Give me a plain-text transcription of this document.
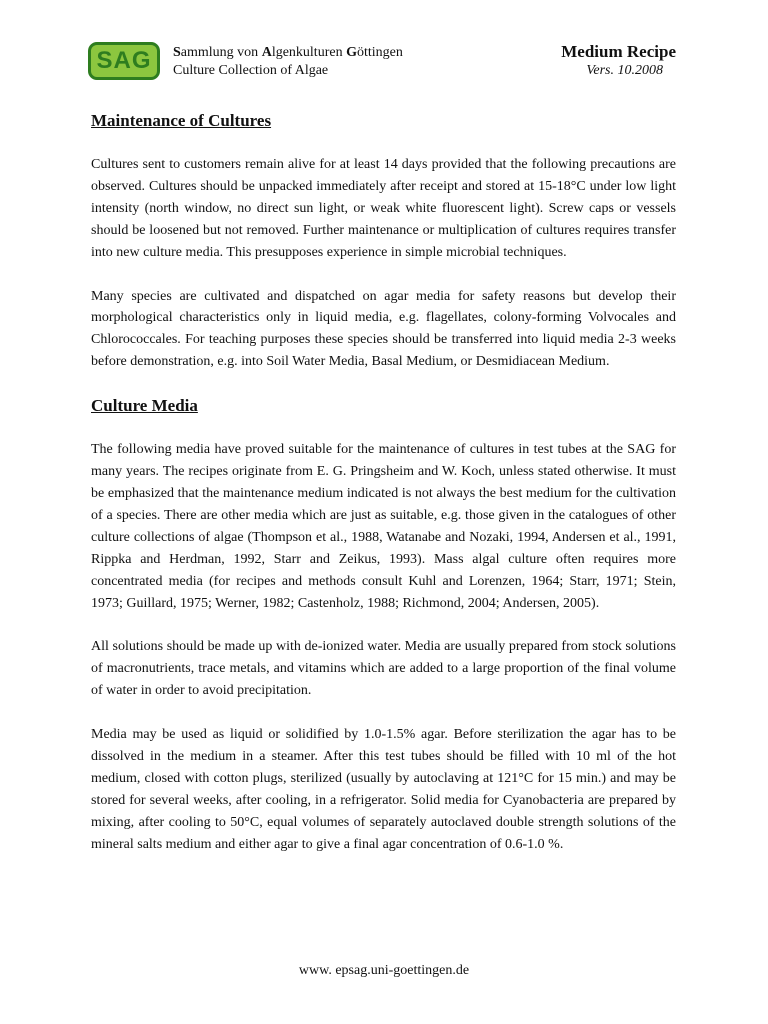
SAG Sammlung von Algenkulturen Göttingen
Culture Collection of Algae
Medium Recipe
Vers. 10.2008
Maintenance of Cultures

Cultures sent to customers remain alive for at least 14 days provided that the following precautions are observed. Cultures should be unpacked immediately after receipt and stored at 15-18°C under low light intensity (north window, no direct sun light, or weak white fluorescent light). Screw caps or vessels should be loosened but not removed. Further maintenance or multiplication of cultures requires transfer into new culture media. This presupposes experience in simple microbial techniques.

Many species are cultivated and dispatched on agar media for safety reasons but develop their morphological characteristics only in liquid media, e.g. flagellates, colony-forming Volvocales and Chlorococcales. For teaching purposes these species should be transferred into liquid media 2-3 weeks before demonstration, e.g. into Soil Water Media, Basal Medium, or Desmidiacean Medium.

Culture Media

The following media have proved suitable for the maintenance of cultures in test tubes at the SAG for many years. The recipes originate from E. G. Pringsheim and W. Koch, unless stated otherwise. It must be emphasized that the maintenance medium indicated is not always the best medium for the cultivation of a species. There are other media which are just as suitable, e.g. those given in the catalogues of other culture collections of algae (Thompson et al., 1988, Watanabe and Nozaki, 1994, Andersen et al., 1991, Rippka and Herdman, 1992, Starr and Zeikus, 1993). Mass algal culture often requires more concentrated media (for recipes and methods consult Kuhl and Lorenzen, 1964; Starr, 1971; Stein, 1973; Guillard, 1975; Werner, 1982; Castenholz, 1988; Richmond, 2004; Andersen, 2005).

All solutions should be made up with de-ionized water. Media are usually prepared from stock solutions of macronutrients, trace metals, and vitamins which are added to a large proportion of the final volume of water in order to avoid precipitation.

Media may be used as liquid or solidified by 1.0-1.5% agar. Before sterilization the agar has to be dissolved in the medium in a steamer. After this test tubes should be filled with 10 ml of the hot medium, closed with cotton plugs, sterilized (usually by autoclaving at 121°C for 15 min.) and may be stored for several weeks, after cooling, in a refrigerator. Solid media for Cyanobacteria are prepared by mixing, after cooling to 50°C, equal volumes of separately autoclaved double strength solutions of the mineral salts medium and either agar to give a final agar concentration of 0.6-1.0 %.

www. epsag.uni-goettingen.de
